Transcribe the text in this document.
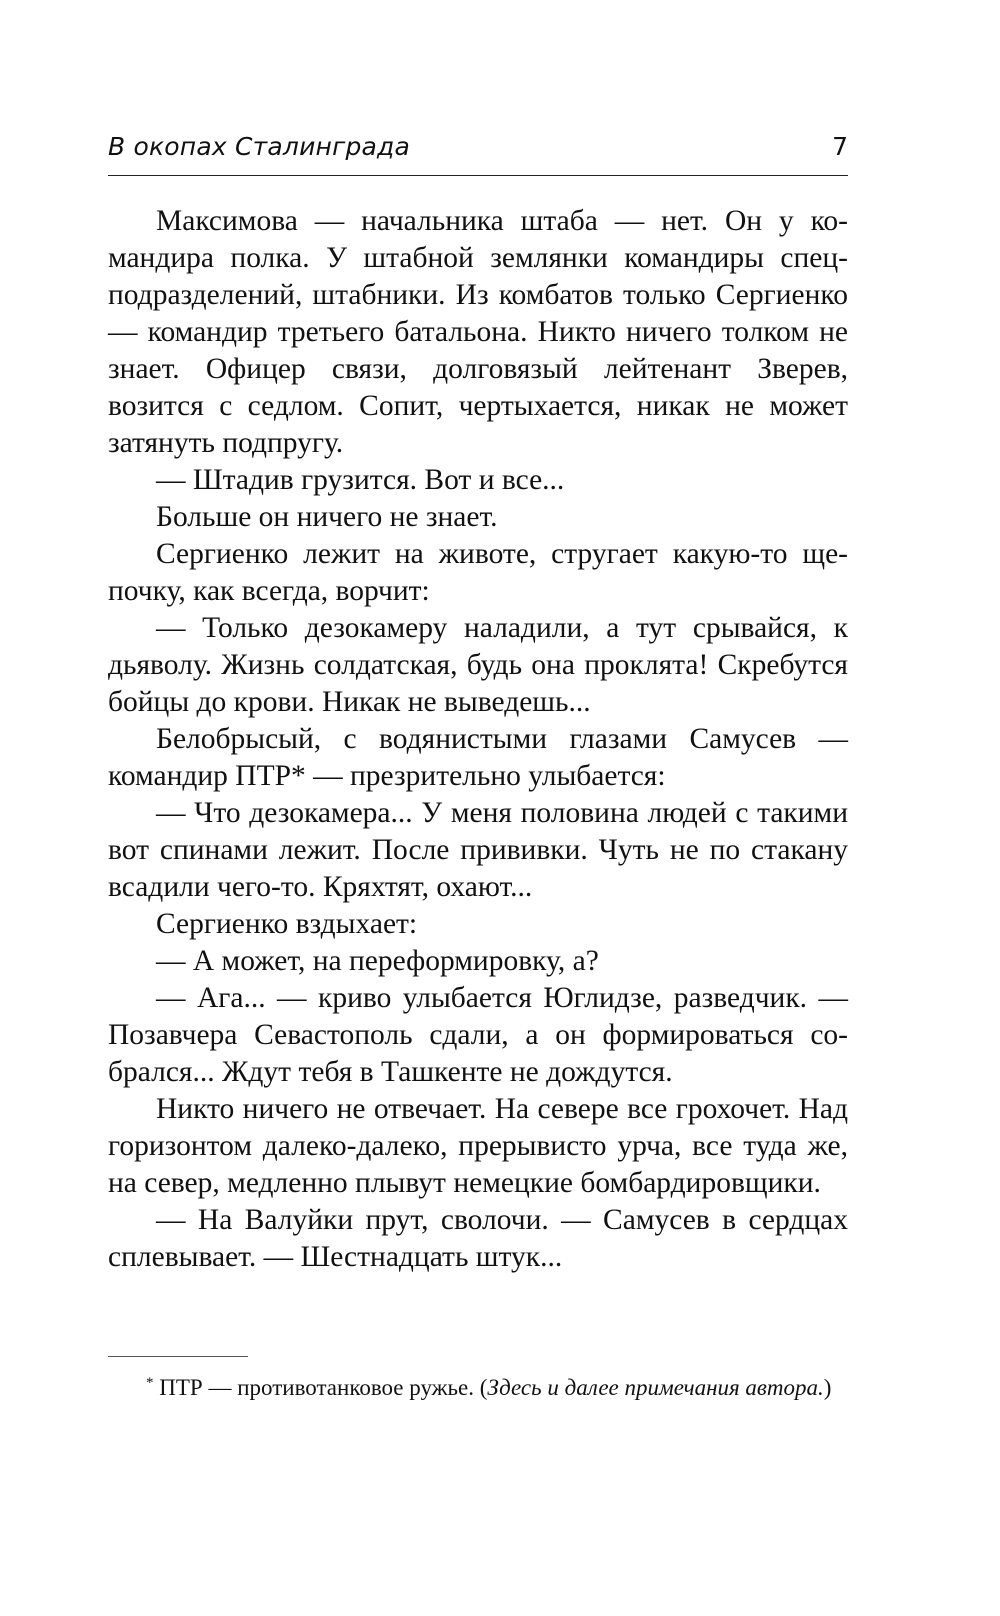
В окопах Сталинграда	7

Максимова — начальника штаба — нет. Он у командира полка. У штабной землянки командиры спецподразделений, штабники. Из комбатов только Сергиенко — командир третьего батальона. Никто ничего толком не знает. Офицер связи, долговязый лейтенант Зверев, возится с седлом. Сопит, чертыхается, никак не может затянуть подпругу.

— Штадив грузится. Вот и все...

Больше он ничего не знает.

Сергиенко лежит на животе, стругает какую-то щепочку, как всегда, ворчит:

— Только дезокамеру наладили, а тут срывайся, к дьяволу. Жизнь солдатская, будь она проклята! Скребутся бойцы до крови. Никак не выведешь...

Белобрысый, с водянистыми глазами Самусев — командир ПТР* — презрительно улыбается:

— Что дезокамера... У меня половина людей с такими вот спинами лежит. После прививки. Чуть не по стакану всадили чего-то. Кряхтят, охают...

Сергиенко вздыхает:

— А может, на переформировку, а?

— Ага... — криво улыбается Юглидзе, разведчик. — Позавчера Севастополь сдали, а он формироваться собрался... Ждут тебя в Ташкенте не дождутся.

Никто ничего не отвечает. На севере все грохочет. Над горизонтом далеко-далеко, прерывисто урча, все туда же, на север, медленно плывут немецкие бомбардировщики.

— На Валуйки прут, сволочи. — Самусев в сердцах сплевывает. — Шестнадцать штук...

* ПТР — противотанковое ружье. (Здесь и далее примечания автора.)
